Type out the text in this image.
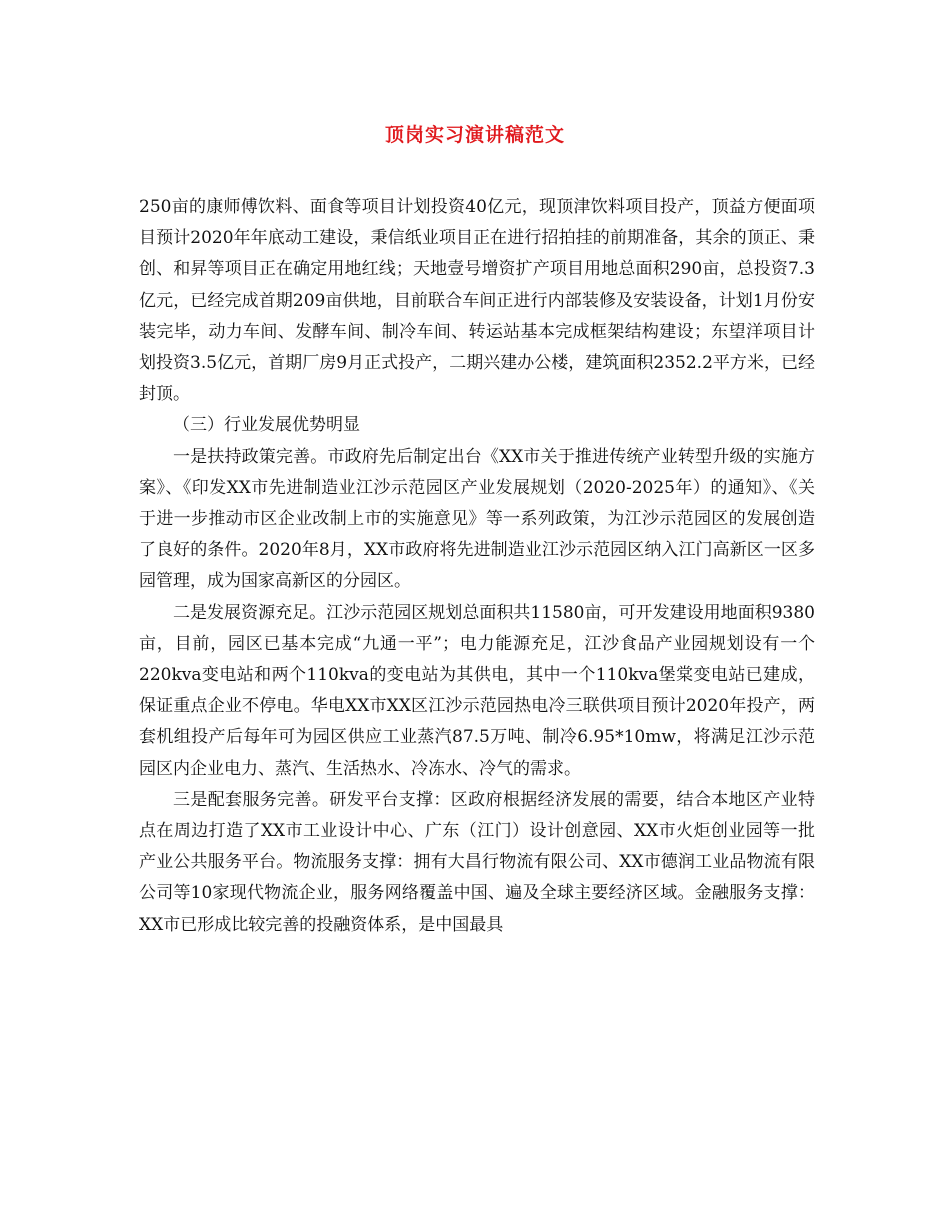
顶岗实习演讲稿范文

250亩的康师傅饮料、面食等项目计划投资40亿元，现顶津饮料项目投产，顶益方便面项目预计2020年年底动工建设，秉信纸业项目正在进行招拍挂的前期准备，其余的顶正、秉创、和昇等项目正在确定用地红线；天地壹号增资扩产项目用地总面积290亩，总投资7.3亿元，已经完成首期209亩供地，目前联合车间正进行内部装修及安装设备，计划1月份安装完毕，动力车间、发酵车间、制冷车间、转运站基本完成框架结构建设；东望洋项目计划投资3.5亿元，首期厂房9月正式投产，二期兴建办公楼，建筑面积2352.2平方米，已经封顶。

（三）行业发展优势明显

一是扶持政策完善。市政府先后制定出台《XX市关于推进传统产业转型升级的实施方案》、《印发XX市先进制造业江沙示范园区产业发展规划（2020-2025年）的通知》、《关于进一步推动市区企业改制上市的实施意见》等一系列政策，为江沙示范园区的发展创造了良好的条件。2020年8月，XX市政府将先进制造业江沙示范园区纳入江门高新区一区多园管理，成为国家高新区的分园区。

二是发展资源充足。江沙示范园区规划总面积共11580亩，可开发建设用地面积9380亩，目前，园区已基本完成“九通一平”；电力能源充足，江沙食品产业园规划设有一个220kva变电站和两个110kva的变电站为其供电，其中一个110kva堡棠变电站已建成，保证重点企业不停电。华电XX市XX区江沙示范园热电冷三联供项目预计2020年投产，两套机组投产后每年可为园区供应工业蒸汽87.5万吨、制冷6.95*10mw，将满足江沙示范园区内企业电力、蒸汽、生活热水、冷冻水、冷气的需求。

三是配套服务完善。研发平台支撑：区政府根据经济发展的需要，结合本地区产业特点在周边打造了XX市工业设计中心、广东（江门）设计创意园、XX市火炬创业园等一批产业公共服务平台。物流服务支撑：拥有大昌行物流有限公司、XX市德润工业品物流有限公司等10家现代物流企业，服务网络覆盖中国、遍及全球主要经济区域。金融服务支撑：XX市已形成比较完善的投融资体系，是中国最具
